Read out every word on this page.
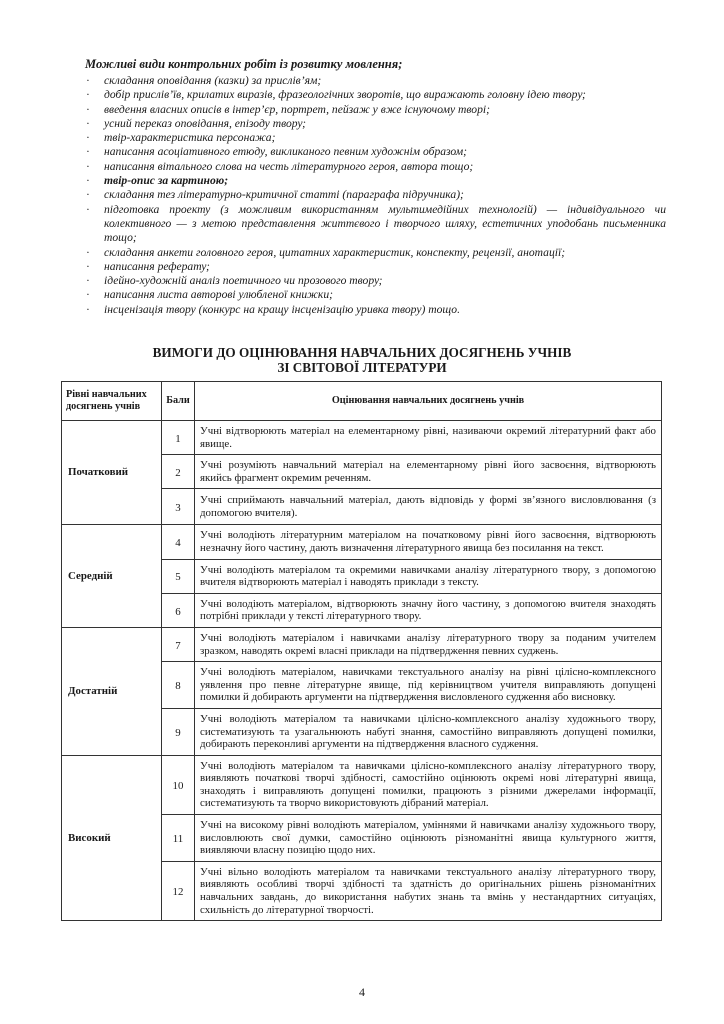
Можливі види контрольних робіт із розвитку мовлення;
· складання оповідання (казки) за прислів’ям;
· добір прислів’їв, крилатих виразів, фразеологічних зворотів, що виражають головну ідею твору;
· введення власних описів в інтер’єр, портрет, пейзаж у вже існуючому творі;
· усний переказ оповідання, епізоду твору;
· твір-характеристика персонажа;
· написання асоціативного етюду, викликаного певним художнім образом;
· написання вітального слова на честь літературного героя, автора тощо;
· твір-опис за картиною;
· складання тез літературно-критичної статті (параграфа підручника);
· підготовка проекту (з можливим використанням мультимедійних технологій) — індивідуального чи колективного — з метою представлення життєвого і творчого шляху, естетичних уподобань письменника тощо;
· складання анкети головного героя, цитатних характеристик, конспекту, рецензії, анотації;
· написання реферату;
· ідейно-художній аналіз поетичного чи прозового твору;
· написання листа авторові улюбленої книжки;
· інсценізація твору (конкурс на кращу інсценізацію уривка твору) тощо.
ВИМОГИ ДО ОЦІНЮВАННЯ НАВЧАЛЬНИХ ДОСЯГНЕНЬ УЧНІВ
ЗІ СВІТОВОЇ ЛІТЕРАТУРИ
Рівні навчальних досягнень учнів	Бали	Оцінювання навчальних досягнень учнів
Початковий	1	Учні відтворюють матеріал на елементарному рівні, називаючи окремий літературний факт або явище.
	2	Учні розуміють навчальний матеріал на елементарному рівні його засвоєння, відтворюють якийсь фрагмент окремим реченням.
	3	Учні сприймають навчальний матеріал, дають відповідь у формі зв’язного висловлювання (з допомогою вчителя).
Середній	4	Учні володіють літературним матеріалом на початковому рівні його засвоєння, відтворюють незначну його частину, дають визначення літературного явища без посилання на текст.
	5	Учні володіють матеріалом та окремими навичками аналізу літературного твору, з допомогою вчителя відтворюють матеріал і наводять приклади з тексту.
	6	Учні володіють матеріалом, відтворюють значну його частину, з допомогою вчителя знаходять потрібні приклади у тексті літературного твору.
Достатній	7	Учні володіють матеріалом і навичками аналізу літературного твору за поданим учителем зразком, наводять окремі власні приклади на підтвердження певних суджень.
	8	Учні володіють матеріалом, навичками текстуального аналізу на рівні цілісно-комплексного уявлення про певне літературне явище, під керівництвом учителя виправляють допущені помилки й добирають аргументи на підтвердження висловленого судження або висновку.
	9	Учні володіють матеріалом та навичками цілісно-комплексного аналізу художнього твору, систематизують та узагальнюють набуті знання, самостійно виправляють допущені помилки, добирають переконливі аргументи на підтвердження власного судження.
Високий	10	Учні володіють матеріалом та навичками цілісно-комплексного аналізу літературного твору, виявляють початкові творчі здібності, самостійно оцінюють окремі нові літературні явища, знаходять і виправляють допущені помилки, працюють з різними джерелами інформації, систематизують та творчо використовують дібраний матеріал.
	11	Учні на високому рівні володіють матеріалом, уміннями й навичками аналізу художнього твору, висловлюють свої думки, самостійно оцінюють різноманітні явища культурного життя, виявляючи власну позицію щодо них.
	12	Учні вільно володіють матеріалом та навичками текстуального аналізу літературного твору, виявляють особливі творчі здібності та здатність до оригінальних рішень різноманітних навчальних завдань, до використання набутих знань та вмінь у нестандартних ситуаціях, схильність до літературної творчості.
4
